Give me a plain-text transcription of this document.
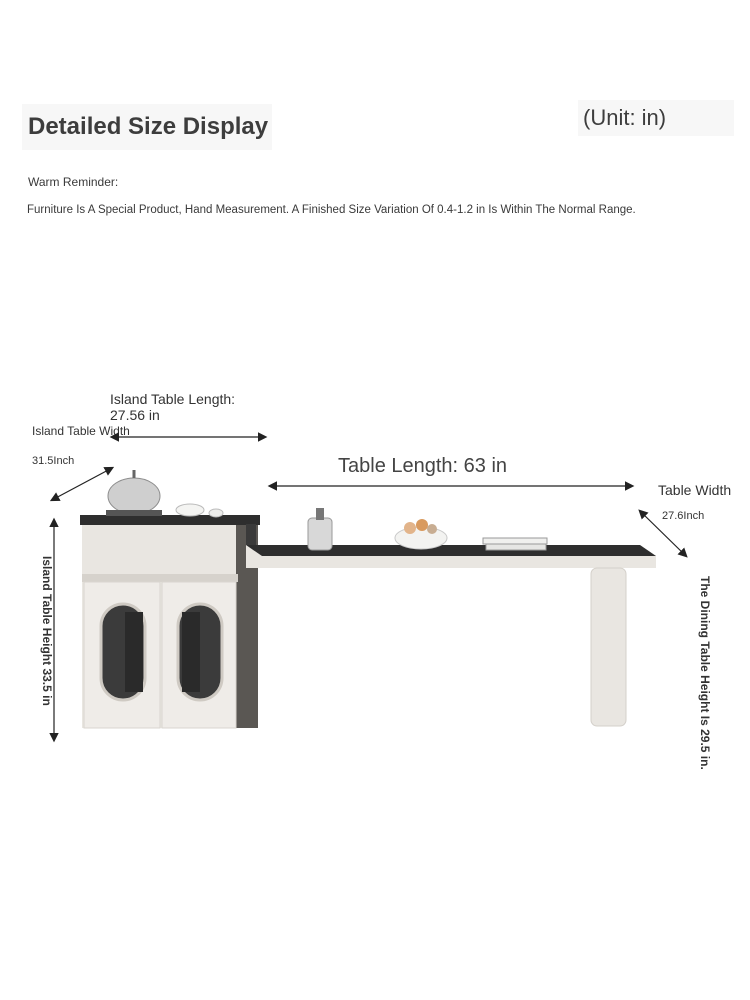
Detailed Size Display	(Unit: in)
Warm Reminder:
Furniture Is A Special Product, Hand Measurement. A Finished Size Variation Of 0.4-1.2 in Is Within The Normal Range.
Island Table Length:
27.56 in
Island Table Width
31.5Inch	Table Length: 63 in
Table Width
27.6Inch
Island Table Height 33.5 in	The Dining Table Height Is 29.5 in.
